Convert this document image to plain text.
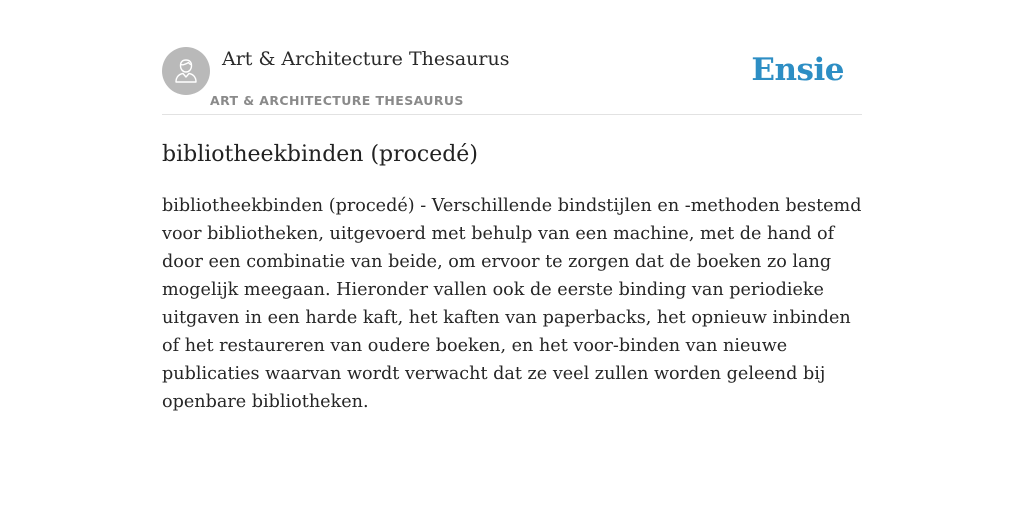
Art & Architecture Thesaurus
ART & ARCHITECTURE THESAURUS
Ensie
bibliotheekbinden (procedé)

bibliotheekbinden (procedé) - Verschillende bindstijlen en -methoden bestemd voor bibliotheken, uitgevoerd met behulp van een machine, met de hand of door een combinatie van beide, om ervoor te zorgen dat de boeken zo lang mogelijk meegaan. Hieronder vallen ook de eerste binding van periodieke uitgaven in een harde kaft, het kaften van paperbacks, het opnieuw inbinden of het restaureren van oudere boeken, en het voor-binden van nieuwe publicaties waarvan wordt verwacht dat ze veel zullen worden geleend bij openbare bibliotheken.
